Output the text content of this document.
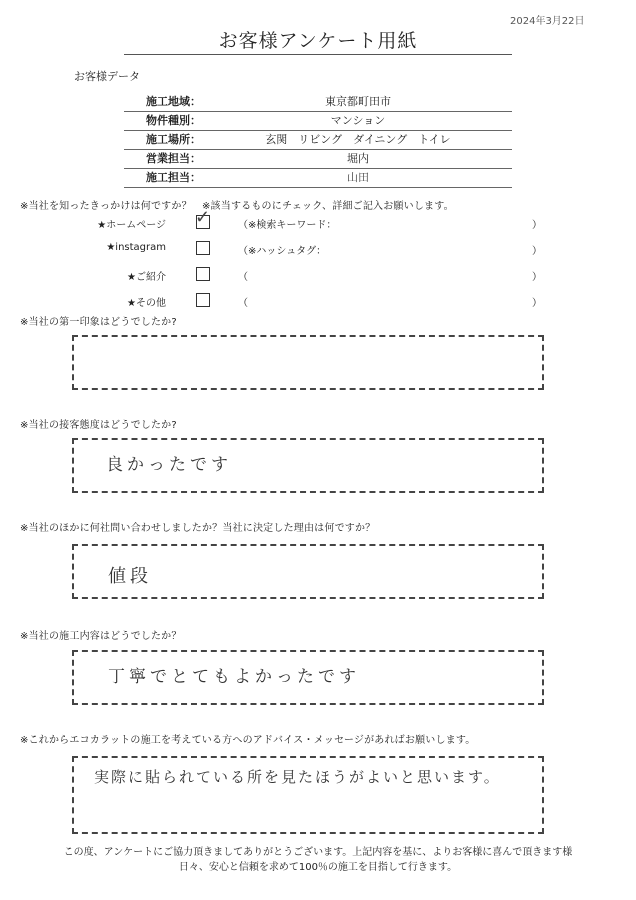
2024年3月22日
お客様アンケート用紙
お客様データ
施工地域：	東京都町田市
物件種別：	マンション
施工場所：	玄関　リビング　ダイニング　トイレ
営業担当：	堀内
施工担当：	山田
※当社を知ったきっかけは何ですか？　※該当するものにチェック、詳細ご記入お願いします。
★ホームページ ✓	（※検索キーワード：	）
★instagram	（※ハッシュタグ：	）
★ご紹介	（	）
★その他	（	）
※当社の第一印象はどうでしたか?
※当社の接客態度はどうでしたか?
良かったです
※当社のほかに何社問い合わせしましたか？当社に決定した理由は何ですか？
値段
※当社の施工内容はどうでしたか？
丁寧でとてもよかったです
※これからエコカラットの施工を考えている方へのアドバイス・メッセージがあればお願いします。
実際に貼られている所を見たほうがよいと思います。
この度、アンケートにご協力頂きましてありがとうございます。上記内容を基に、よりお客様に喜んで頂きます様
日々、安心と信頼を求めて100％の施工を目指して行きます。
